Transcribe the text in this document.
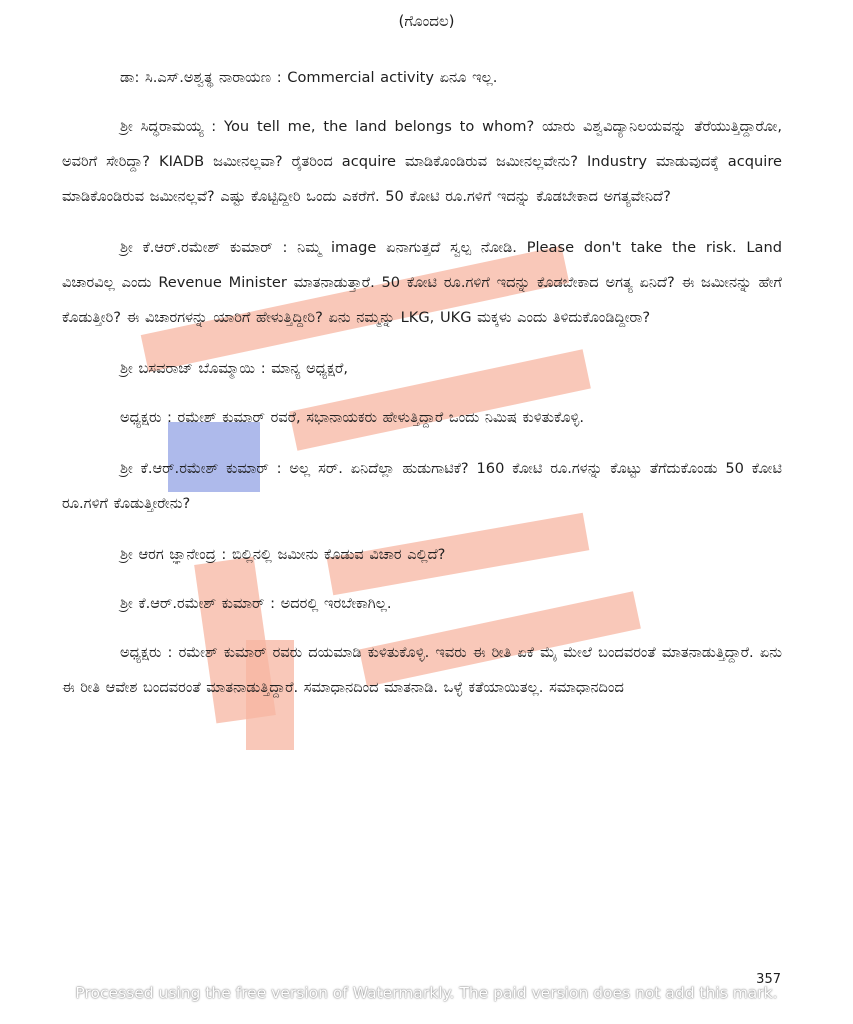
(ಗೊಂದಲ)

ಡಾ: ಸಿ.ಎಸ್.ಅಶ್ವತ್ಥ ನಾರಾಯಣ : Commercial activity ಏನೂ ಇಲ್ಲ.

ಶ್ರೀ ಸಿದ್ಧರಾಮಯ್ಯ : You tell me, the land belongs to whom? ಯಾರು ವಿಶ್ವವಿದ್ಯಾನಿಲಯವನ್ನು ತೆರೆಯುತ್ತಿದ್ದಾರೋ, ಅವರಿಗೆ ಸೇರಿದ್ದಾ? KIADB ಜಮೀನಲ್ಲವಾ? ರೈತರಿಂದ acquire ಮಾಡಿಕೊಂಡಿರುವ ಜಮೀನಲ್ಲವೇನು? Industry ಮಾಡುವುದಕ್ಕೆ acquire ಮಾಡಿಕೊಂಡಿರುವ ಜಮೀನಲ್ಲವೆ? ಎಷ್ಟು ಕೊಟ್ಟಿದ್ದೀರಿ ಒಂದು ಎಕರೆಗೆ. 50 ಕೋಟಿ ರೂ.ಗಳಿಗೆ ಇದನ್ನು ಕೊಡಬೇಕಾದ ಅಗತ್ಯವೇನಿದೆ?

ಶ್ರೀ ಕೆ.ಆರ್.ರಮೇಶ್ ಕುಮಾರ್ : ನಿಮ್ಮ image ಏನಾಗುತ್ತದೆ ಸ್ವಲ್ಪ ನೋಡಿ. Please don't take the risk. Land ವಿಚಾರವಿಲ್ಲ ಎಂದು Revenue Minister ಮಾತನಾಡುತ್ತಾರೆ. 50 ಕೋಟಿ ರೂ.ಗಳಿಗೆ ಇದನ್ನು ಕೊಡಬೇಕಾದ ಅಗತ್ಯ ಏನಿದೆ? ಈ ಜಮೀನನ್ನು ಹೇಗೆ ಕೊಡುತ್ತೀರಿ? ಈ ವಿಚಾರಗಳನ್ನು ಯಾರಿಗೆ ಹೇಳುತ್ತಿದ್ದೀರಿ? ಏನು ನಮ್ಮನ್ನು LKG, UKG ಮಕ್ಕಳು ಎಂದು ತಿಳಿದುಕೊಂಡಿದ್ದೀರಾ?

ಶ್ರೀ ಬಸವರಾಜ್ ಬೊಮ್ಮಾಯಿ : ಮಾನ್ಯ ಅಧ್ಯಕ್ಷರೆ,

ಅಧ್ಯಕ್ಷರು : ರಮೇಶ್ ಕುಮಾರ್ ರವರೆ, ಸಭಾನಾಯಕರು ಹೇಳುತ್ತಿದ್ದಾರೆ ಒಂದು ನಿಮಿಷ ಕುಳಿತುಕೊಳ್ಳಿ.

ಶ್ರೀ ಕೆ.ಆರ್.ರಮೇಶ್ ಕುಮಾರ್ : ಅಲ್ಲ ಸರ್. ಏನಿದೆಲ್ಲಾ ಹುಡುಗಾಟಿಕೆ? 160 ಕೋಟಿ ರೂ.ಗಳನ್ನು ಕೊಟ್ಟು ತೆಗೆದುಕೊಂಡು 50 ಕೋಟಿ ರೂ.ಗಳಿಗೆ ಕೊಡುತ್ತೀರೇನು?

ಶ್ರೀ ಆರಗ ಜ್ಞಾನೇಂದ್ರ : ಬಿಲ್ಲಿನಲ್ಲಿ ಜಮೀನು ಕೊಡುವ ವಿಚಾರ ಎಲ್ಲಿದೆ?

ಶ್ರೀ ಕೆ.ಆರ್.ರಮೇಶ್ ಕುಮಾರ್ : ಅದರಲ್ಲಿ ಇರಬೇಕಾಗಿಲ್ಲ.

ಅಧ್ಯಕ್ಷರು : ರಮೇಶ್ ಕುಮಾರ್ ರವರು ದಯಮಾಡಿ ಕುಳಿತುಕೊಳ್ಳಿ. ಇವರು ಈ ರೀತಿ ಏಕೆ ಮೈ ಮೇಲೆ ಬಂದವರಂತೆ ಮಾತನಾಡುತ್ತಿದ್ದಾರೆ. ಏನು ಈ ರೀತಿ ಆವೇಶ ಬಂದವರಂತೆ ಮಾತನಾಡುತ್ತಿದ್ದಾರೆ. ಸಮಾಧಾನದಿಂದ ಮಾತನಾಡಿ. ಒಳ್ಳೆ ಕತೆಯಾಯಿತಲ್ಲ. ಸಮಾಧಾನದಿಂದ

357
Processed using the free version of Watermarkly. The paid version does not add this mark.
